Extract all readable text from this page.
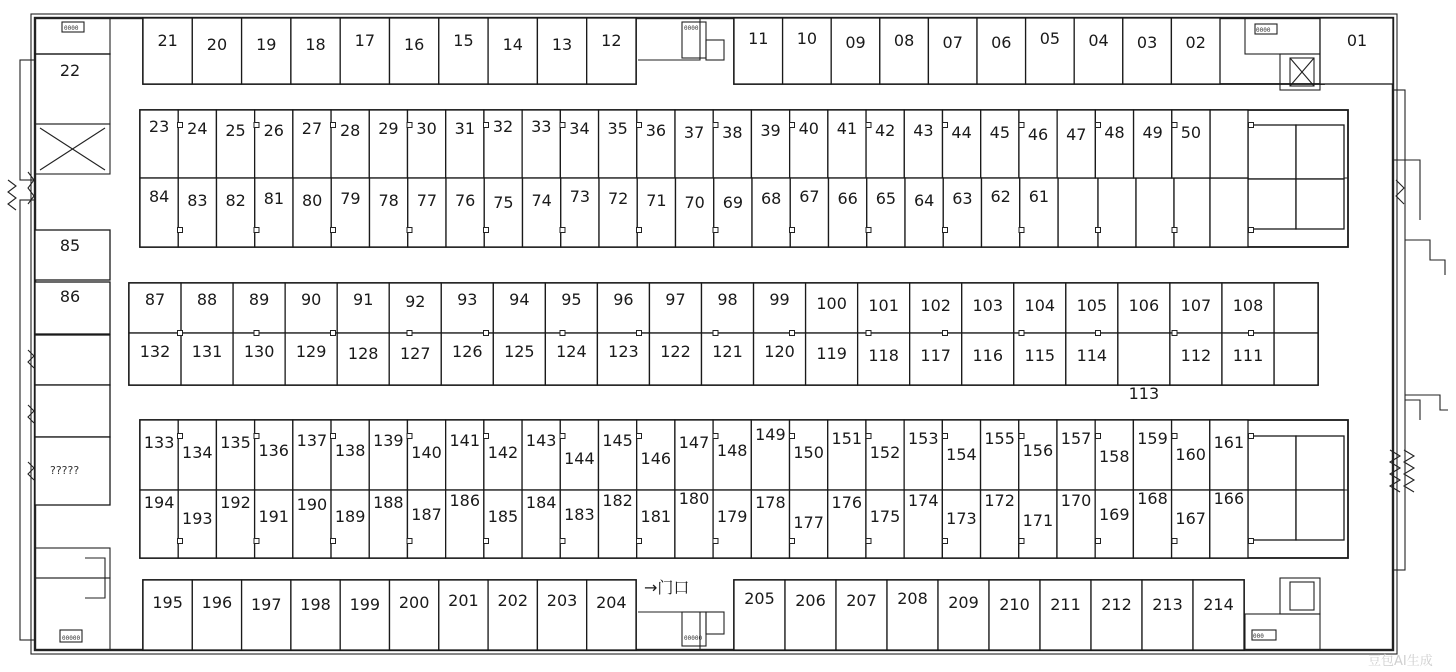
0000
00000
0000
000
0000
00000
21 20 19 18 17 16 15 14 13 12	11 10 09 08 07 06 05 04 03 02	01
22
85
86
23 24 25 26 27 28 29 30 31 32 33 34 35 36 37 38 39 40 41 42 43 44 45 46 47 48 49 50
84 83 82 81 80 79 78 77 76 75 74 73 72 71 70 69 68 67 66 65 64 63 62 61
87 88 89 90 91 92 93 94 95 96 97 98 99 100 101 102 103 104 105 106 107 108
132 131 130 129 128 127 126 125 124 123 122 121 120 119 118 117 116 115 114
113
112 111
133
134
135 136
137
138
139
140
141
142
143
144
145
146
147 148
149
150
151
152
153
154
155
156
157
158
159
160
161
194
193
192
191
190
189
188
187
186
185
184
183
182
181
180
179
178
177
176
175
174
173
172
171
170
169
168
167
166
195 196 197 198 199 200 201 202 203 204	205 206 207 208 209 210 211 212 213 214
?????
→门口
豆包AI生成
